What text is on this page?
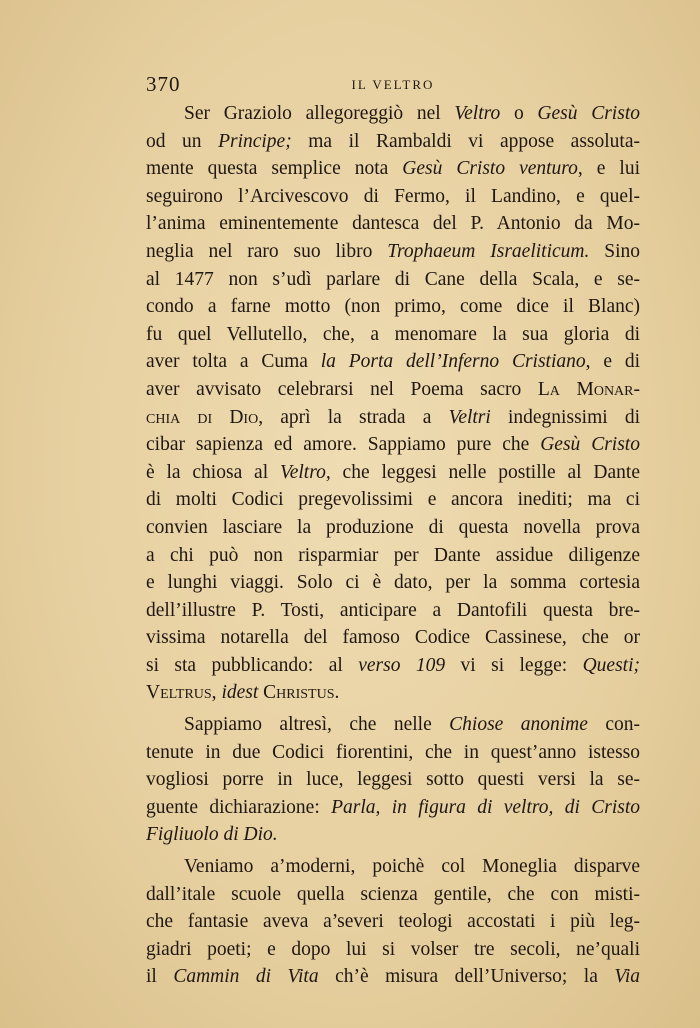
370	IL VELTRO
Ser Graziolo allegoreggiò nel Veltro o Gesù Cristo
od un Principe; ma il Rambaldi vi appose assoluta-
mente questa semplice nota Gesù Cristo venturo, e lui
seguirono l’Arcivescovo di Fermo, il Landino, e quel-
l’anima eminentemente dantesca del P. Antonio da Mo-
neglia nel raro suo libro Trophaeum Israeliticum. Sino
al 1477 non s’udì parlare di Cane della Scala, e se-
condo a farne motto (non primo, come dice il Blanc)
fu quel Vellutello, che, a menomare la sua gloria di
aver tolta a Cuma la Porta dell’Inferno Cristiano, e di
aver avvisato celebrarsi nel Poema sacro La Monar-
chia di Dio, aprì la strada a Veltri indegnissimi di
cibar sapienza ed amore. Sappiamo pure che Gesù Cristo
è la chiosa al Veltro, che leggesi nelle postille al Dante
di molti Codici pregevolissimi e ancora inediti; ma ci
convien lasciare la produzione di questa novella prova
a chi può non risparmiar per Dante assidue diligenze
e lunghi viaggi. Solo ci è dato, per la somma cortesia
dell’illustre P. Tosti, anticipare a Dantofili questa bre-
vissima notarella del famoso Codice Cassinese, che or
si sta pubblicando: al verso 109 vi si legge: Questi;
Veltrus, idest Christus.
Sappiamo altresì, che nelle Chiose anonime con-
tenute in due Codici fiorentini, che in quest’anno istesso
vogliosi porre in luce, leggesi sotto questi versi la se-
guente dichiarazione: Parla, in figura di veltro, di Cristo
Figliuolo di Dio.
Veniamo a’moderni, poichè col Moneglia disparve
dall’itale scuole quella scienza gentile, che con misti-
che fantasie aveva a’severi teologi accostati i più leg-
giadri poeti; e dopo lui si volser tre secoli, ne’quali
il Cammin di Vita ch’è misura dell’Universo; la Via
